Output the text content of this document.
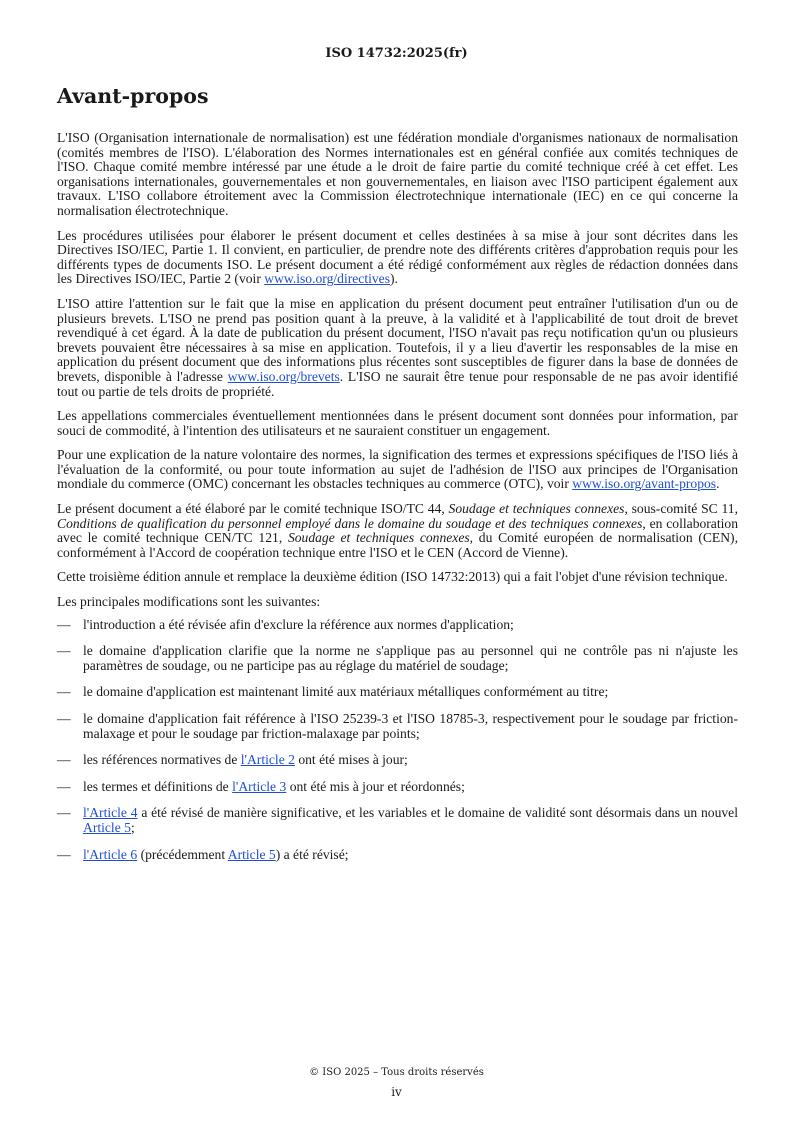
ISO 14732:2025(fr)
Avant-propos

L'ISO (Organisation internationale de normalisation) est une fédération mondiale d'organismes nationaux de normalisation (comités membres de l'ISO). L'élaboration des Normes internationales est en général confiée aux comités techniques de l'ISO. Chaque comité membre intéressé par une étude a le droit de faire partie du comité technique créé à cet effet. Les organisations internationales, gouvernementales et non gouvernementales, en liaison avec l'ISO participent également aux travaux. L'ISO collabore étroitement avec la Commission électrotechnique internationale (IEC) en ce qui concerne la normalisation électrotechnique.

Les procédures utilisées pour élaborer le présent document et celles destinées à sa mise à jour sont décrites dans les Directives ISO/IEC, Partie 1. Il convient, en particulier, de prendre note des différents critères d'approbation requis pour les différents types de documents ISO. Le présent document a été rédigé conformément aux règles de rédaction données dans les Directives ISO/IEC, Partie 2 (voir www.iso.org/directives).

L'ISO attire l'attention sur le fait que la mise en application du présent document peut entraîner l'utilisation d'un ou de plusieurs brevets. L'ISO ne prend pas position quant à la preuve, à la validité et à l'applicabilité de tout droit de brevet revendiqué à cet égard. À la date de publication du présent document, l'ISO n'avait pas reçu notification qu'un ou plusieurs brevets pouvaient être nécessaires à sa mise en application. Toutefois, il y a lieu d'avertir les responsables de la mise en application du présent document que des informations plus récentes sont susceptibles de figurer dans la base de données de brevets, disponible à l'adresse www.iso.org/brevets. L'ISO ne saurait être tenue pour responsable de ne pas avoir identifié tout ou partie de tels droits de propriété.

Les appellations commerciales éventuellement mentionnées dans le présent document sont données pour information, par souci de commodité, à l'intention des utilisateurs et ne sauraient constituer un engagement.

Pour une explication de la nature volontaire des normes, la signification des termes et expressions spécifiques de l'ISO liés à l'évaluation de la conformité, ou pour toute information au sujet de l'adhésion de l'ISO aux principes de l'Organisation mondiale du commerce (OMC) concernant les obstacles techniques au commerce (OTC), voir www.iso.org/avant-propos.

Le présent document a été élaboré par le comité technique ISO/TC 44, Soudage et techniques connexes, sous-comité SC 11, Conditions de qualification du personnel employé dans le domaine du soudage et des techniques connexes, en collaboration avec le comité technique CEN/TC 121, Soudage et techniques connexes, du Comité européen de normalisation (CEN), conformément à l'Accord de coopération technique entre l'ISO et le CEN (Accord de Vienne).

Cette troisième édition annule et remplace la deuxième édition (ISO 14732:2013) qui a fait l'objet d'une révision technique.

Les principales modifications sont les suivantes:

— l'introduction a été révisée afin d'exclure la référence aux normes d'application;
— le domaine d'application clarifie que la norme ne s'applique pas au personnel qui ne contrôle pas ni n'ajuste les paramètres de soudage, ou ne participe pas au réglage du matériel de soudage;
— le domaine d'application est maintenant limité aux matériaux métalliques conformément au titre;
— le domaine d'application fait référence à l'ISO 25239-3 et l'ISO 18785-3, respectivement pour le soudage par friction-malaxage et pour le soudage par friction-malaxage par points;
— les références normatives de l'Article 2 ont été mises à jour;
— les termes et définitions de l'Article 3 ont été mis à jour et réordonnés;
— l'Article 4 a été révisé de manière significative, et les variables et le domaine de validité sont désormais dans un nouvel Article 5;
— l'Article 6 (précédemment Article 5) a été révisé;
© ISO 2025 – Tous droits réservés
iv
